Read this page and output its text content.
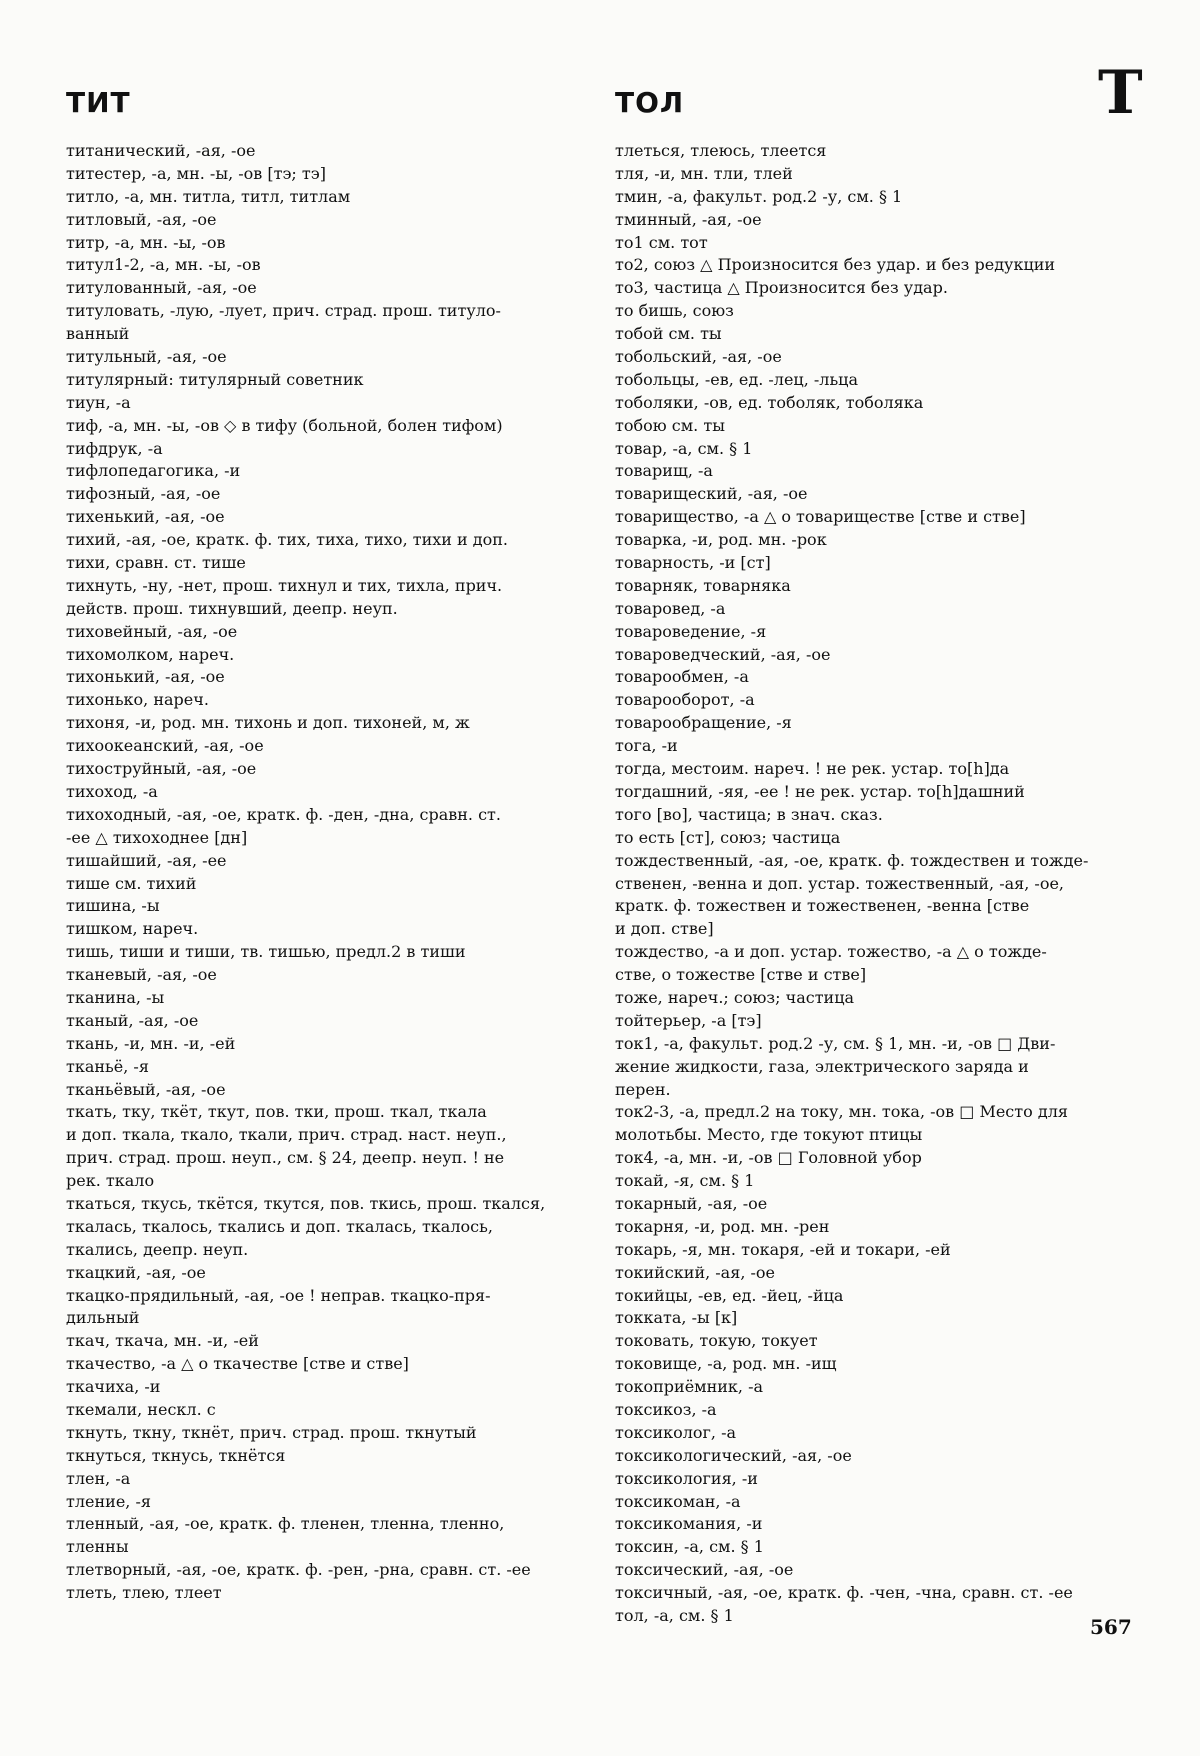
ТИТ	ТОЛ	Т
титанический, -ая, -ое
титестер, -а, мн. -ы, -ов [тэ; тэ]
титло, -а, мн. титла, титл, титлам
титловый, -ая, -ое
титр, -а, мн. -ы, -ов
титул1-2, -а, мн. -ы, -ов
титулованный, -ая, -ое
титуловать, -лую, -лует, прич. страд. прош. титуло-
ванный
титульный, -ая, -ое
титулярный: титулярный советник
тиун, -а
тиф, -а, мн. -ы, -ов ◇ в тифу (больной, болен тифом)
тифдрук, -а
тифлопедагогика, -и
тифозный, -ая, -ое
тихенький, -ая, -ое
тихий, -ая, -ое, кратк. ф. тих, тиха, тихо, тихи и доп.
тихи, сравн. ст. тише
тихнуть, -ну, -нет, прош. тихнул и тих, тихла, прич.
действ. прош. тихнувший, деепр. неуп.
тиховейный, -ая, -ое
тихомолком, нареч.
тихонький, -ая, -ое
тихонько, нареч.
тихоня, -и, род. мн. тихонь и доп. тихоней, м, ж
тихоокеанский, -ая, -ое
тихоструйный, -ая, -ое
тихоход, -а
тихоходный, -ая, -ое, кратк. ф. -ден, -дна, сравн. ст.
-ее △ тихоходнее [дн]
тишайший, -ая, -ее
тише см. тихий
тишина, -ы
тишком, нареч.
тишь, тиши и тиши, тв. тишью, предл.2 в тиши
тканевый, -ая, -ое
тканина, -ы
тканый, -ая, -ое
ткань, -и, мн. -и, -ей
тканьё, -я
тканьёвый, -ая, -ое
ткать, тку, ткёт, ткут, пов. тки, прош. ткал, ткала
и доп. ткала, ткало, ткали, прич. страд. наст. неуп.,
прич. страд. прош. неуп., см. § 24, деепр. неуп. ! не
рек. ткало
ткаться, ткусь, ткётся, ткутся, пов. ткись, прош. ткался,
ткалась, ткалось, ткались и доп. ткалась, ткалось,
ткались, деепр. неуп.
ткацкий, -ая, -ое
ткацко-прядильный, -ая, -ое ! неправ. ткацко-пря-
дильный
ткач, ткача, мн. -и, -ей
ткачество, -а △ о ткачестве [стве и стве]
ткачиха, -и
ткемали, нескл. с
ткнуть, ткну, ткнёт, прич. страд. прош. ткнутый
ткнуться, ткнусь, ткнётся
тлен, -а
тление, -я
тленный, -ая, -ое, кратк. ф. тленен, тленна, тленно,
тленны
тлетворный, -ая, -ое, кратк. ф. -рен, -рна, сравн. ст. -ее
тлеть, тлею, тлеет
тлеться, тлеюсь, тлеется
тля, -и, мн. тли, тлей
тмин, -а, факульт. род.2 -у, см. § 1
тминный, -ая, -ое
то1 см. тот
то2, союз △ Произносится без удар. и без редукции
то3, частица △ Произносится без удар.
то бишь, союз
тобой см. ты
тобольский, -ая, -ое
тобольцы, -ев, ед. -лец, -льца
тоболяки, -ов, ед. тоболяк, тоболяка
тобою см. ты
товар, -а, см. § 1
товарищ, -а
товарищеский, -ая, -ое
товарищество, -а △ о товариществе [стве и стве]
товарка, -и, род. мн. -рок
товарность, -и [ст]
товарняк, товарняка
товаровед, -а
товароведение, -я
товароведческий, -ая, -ое
товарообмен, -а
товарооборот, -а
товарообращение, -я
тога, -и
тогда, местоим. нареч. ! не рек. устар. то[h]да
тогдашний, -яя, -ее ! не рек. устар. то[h]дашний
того [во], частица; в знач. сказ.
то есть [ст], союз; частица
тождественный, -ая, -ое, кратк. ф. тождествен и тожде-
ственен, -венна и доп. устар. тожественный, -ая, -ое,
кратк. ф. тожествен и тожественен, -венна [стве
и доп. стве]
тождество, -а и доп. устар. тожество, -а △ о тожде-
стве, о тожестве [стве и стве]
тоже, нареч.; союз; частица
тойтерьер, -а [тэ]
ток1, -а, факульт. род.2 -у, см. § 1, мн. -и, -ов □ Дви-
жение жидкости, газа, электрического заряда и
перен.
ток2-3, -а, предл.2 на току, мн. тока, -ов □ Место для
молотьбы. Место, где токуют птицы
ток4, -а, мн. -и, -ов □ Головной убор
токай, -я, см. § 1
токарный, -ая, -ое
токарня, -и, род. мн. -рен
токарь, -я, мн. токаря, -ей и токари, -ей
токийский, -ая, -ое
токийцы, -ев, ед. -йец, -йца
токката, -ы [к]
токовать, токую, токует
токовище, -а, род. мн. -ищ
токоприёмник, -а
токсикоз, -а
токсиколог, -а
токсикологический, -ая, -ое
токсикология, -и
токсикоман, -а
токсикомания, -и
токсин, -а, см. § 1
токсический, -ая, -ое
токсичный, -ая, -ое, кратк. ф. -чен, -чна, сравн. ст. -ее
тол, -а, см. § 1	567
